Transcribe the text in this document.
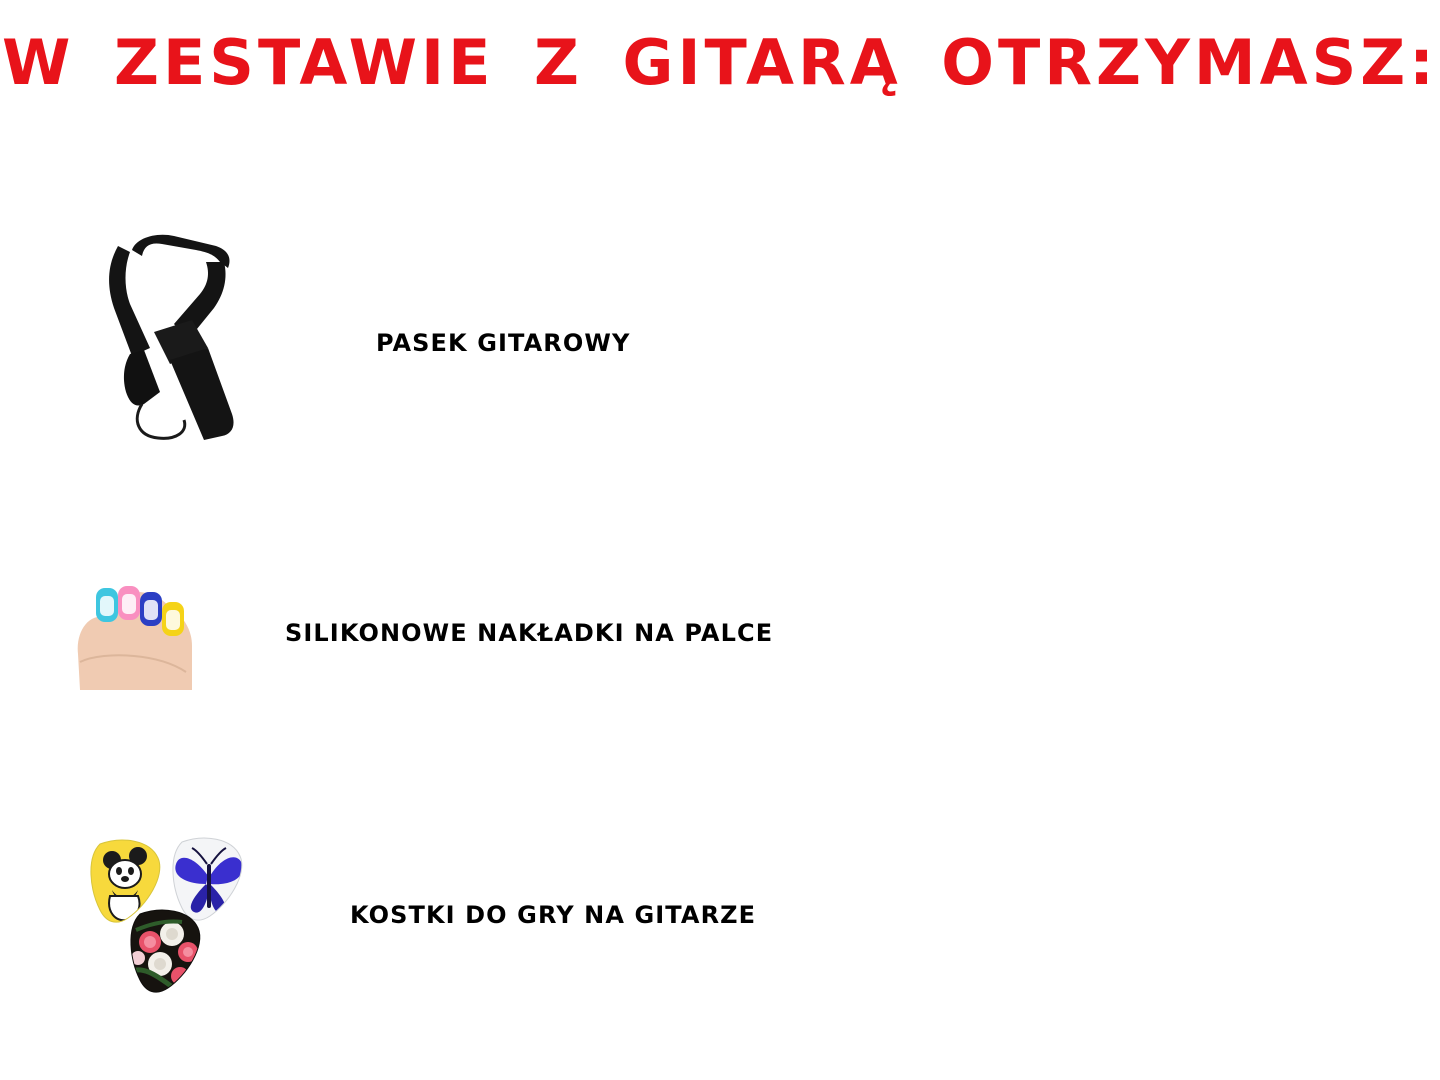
W ZESTAWIE Z GITARĄ OTRZYMASZ:
PASEK GITAROWY
SILIKONOWE NAKŁADKI NA PALCE
KOSTKI DO GRY NA GITARZE
